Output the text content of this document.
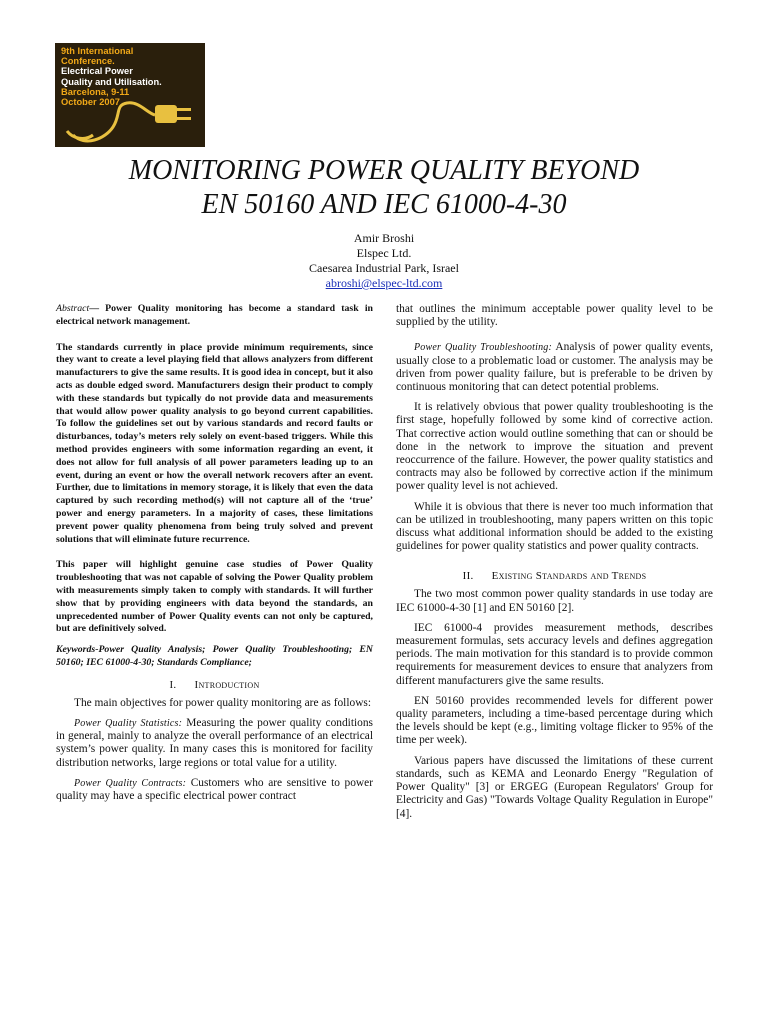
9th International
Conference.
Electrical Power
Quality and Utilisation.
Barcelona, 9-11
October 2007
MONITORING POWER QUALITY BEYOND
EN 50160 AND IEC 61000-4-30
Amir Broshi
Elspec Ltd.
Caesarea Industrial Park, Israel
abroshi@elspec-ltd.com

Abstract— Power Quality monitoring has become a standard task in electrical network management.

The standards currently in place provide minimum requirements, since they want to create a level playing field that allows analyzers from different manufacturers to give the same results. It is good idea in concept, but it also acts as double edged sword. Manufacturers design their product to comply with these standards but typically do not provide data and measurements that would allow power quality analysis to go beyond current capabilities. To follow the guidelines set out by various standards and record faults or disturbances, today’s meters rely solely on event-based triggers. While this method provides engineers with some information regarding an event, it does not allow for full analysis of all power parameters leading up to an event, during an event or how the overall network recovers after an event. Further, due to limitations in memory storage, it is likely that even the data captured by such recording method(s) will not capture all of the ‘true’ power and energy parameters. In a majority of cases, these limitations prevent power quality phenomena from being truly solved and prevent solutions that will eliminate future recurrence.

This paper will highlight genuine case studies of Power Quality troubleshooting that was not capable of solving the Power Quality problem with measurements simply taken to comply with standards. It will further show that by providing engineers with data beyond the standards, an unprecedented number of Power Quality events can not only be captured, but are definitively solved.

Keywords-Power Quality Analysis; Power Quality Troubleshooting; EN 50160; IEC 61000-4-30; Standards Compliance;

I. Introduction

The main objectives for power quality monitoring are as follows:

Power Quality Statistics: Measuring the power quality conditions in general, mainly to analyze the overall performance of an electrical system’s power quality. In many cases this is monitored for facility distribution networks, large regions or total value for a utility.

Power Quality Contracts: Customers who are sensitive to power quality may have a specific electrical power contract

that outlines the minimum acceptable power quality level to be supplied by the utility.

Power Quality Troubleshooting: Analysis of power quality events, usually close to a problematic load or customer. The analysis may be driven from power quality failure, but is preferable to be driven by continuous monitoring that can detect potential problems.

It is relatively obvious that power quality troubleshooting is the first stage, hopefully followed by some kind of corrective action. That corrective action would outline something that can or should be done in the network to improve the situation and prevent reoccurrence of the failure. However, the power quality statistics and contracts may also be followed by corrective action if the minimum power quality level is not achieved.

While it is obvious that there is never too much information that can be utilized in troubleshooting, many papers written on this topic discuss what additional information should be added to the existing guidelines for power quality statistics and power quality contracts.

II. Existing Standards and Trends

The two most common power quality standards in use today are IEC 61000-4-30 [1] and EN 50160 [2].

IEC 61000-4 provides measurement methods, describes measurement formulas, sets accuracy levels and defines aggregation periods. The main motivation for this standard is to provide common requirements for measurement devices to ensure that analyzers from different manufacturers give the same results.

EN 50160 provides recommended levels for different power quality parameters, including a time-based percentage during which the levels should be kept (e.g., limiting voltage flicker to 95% of the time per week).

Various papers have discussed the limitations of these current standards, such as KEMA and Leonardo Energy "Regulation of Power Quality" [3] or ERGEG (European Regulators' Group for Electricity and Gas) "Towards Voltage Quality Regulation in Europe" [4].
